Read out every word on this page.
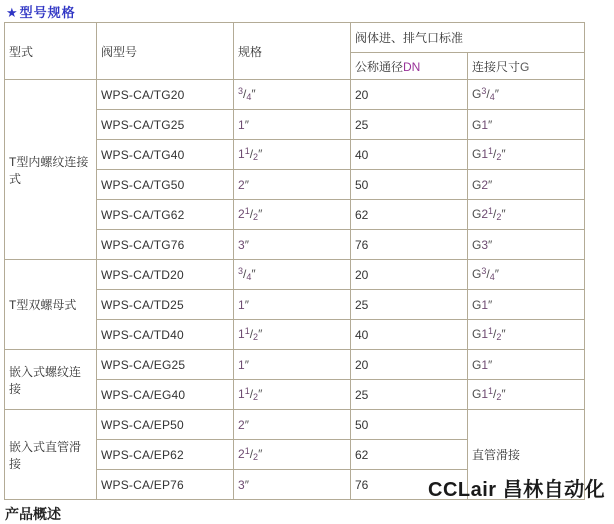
★型号规格
型式	阀型号	规格	阀体进、排气口标准	
			公称通径DN	连接尺寸G
T型内螺纹连接式	WPS-CA/TG20	$^3$/4″	20	$G^3/4''$
	WPS-CA/TG25	1″	25	G1″
	WPS-CA/TG40	$1^1/2''$	40	$G1^1/2''$
	WPS-CA/TG50	2″	50	G2″
	WPS-CA/TG62	$2^1/2''$	62	$G2^1/2''$
	WPS-CA/TG76	3″	76	G3″
T型双螺母式	WPS-CA/TD20	$^3$/4″	20	$G^3/4''$
	WPS-CA/TD25	1″	25	G1″
	WPS-CA/TD40	$1^1/2''$	40	$G1^1/2''$
嵌入式螺纹连接	WPS-CA/EG25	1″	20	G1″
	WPS-CA/EG40	$1^1/2''$	25	$G1^1/2''$
嵌入式直管滑接	WPS-CA/EP50	2″	50	直管滑接
	WPS-CA/EP62	$2^1/2''$	62	
	WPS-CA/EP76	3″	76		CCLair 昌林自动化
产品概述
